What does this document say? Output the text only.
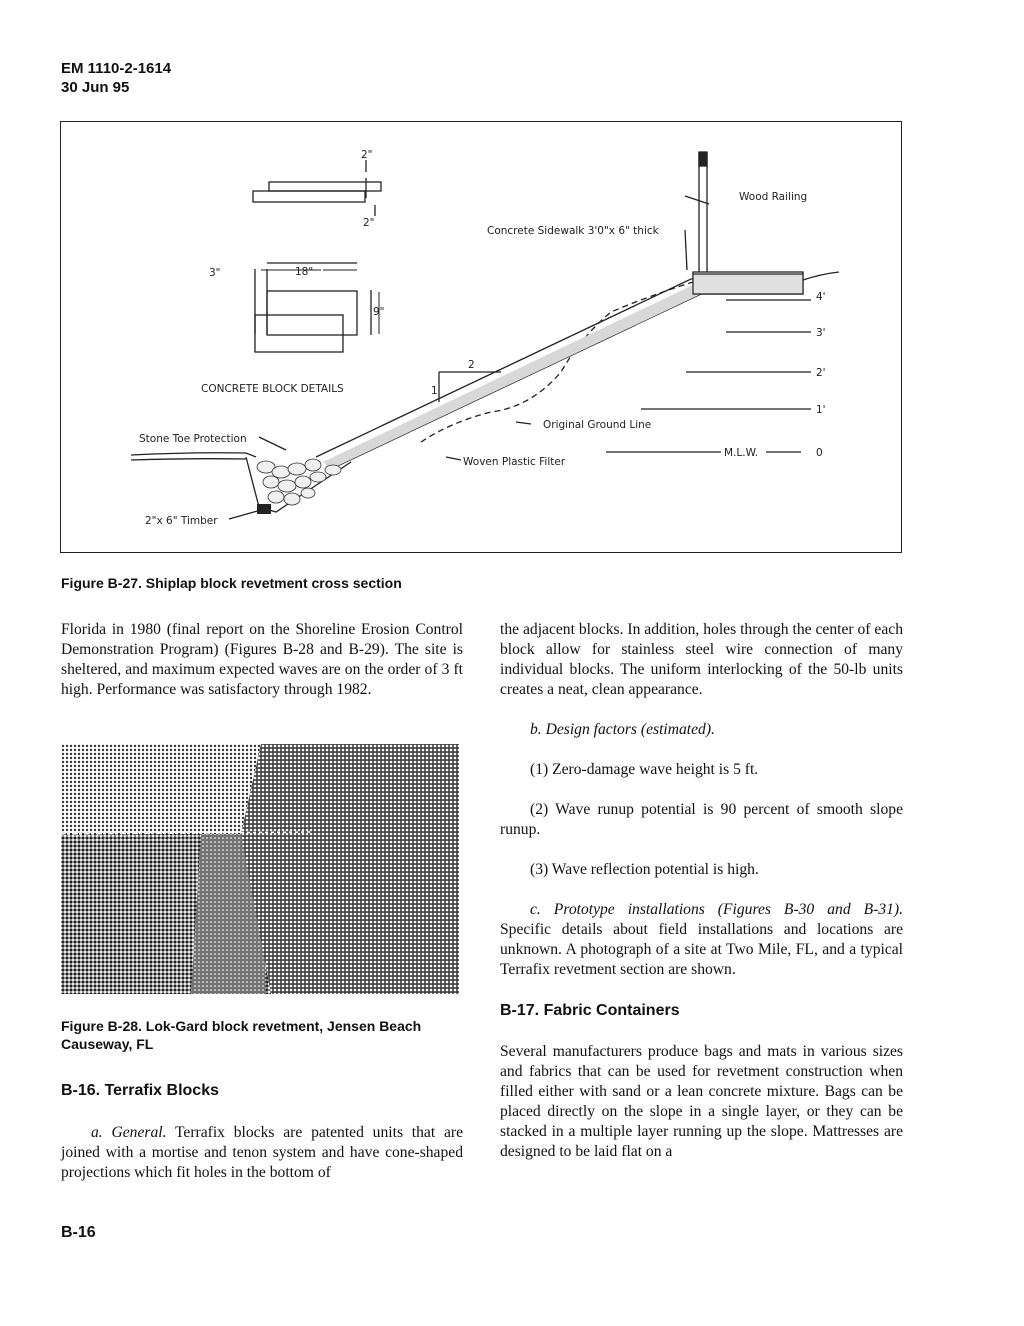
EM 1110-2-1614
30 Jun 95
2"
2"
18"
3"
9"
CONCRETE BLOCK DETAILS
Wood Railing
Concrete Sidewalk 3'0"x 6" thick
2
1
Original Ground Line
Stone Toe Protection
Woven Plastic Filter
2"x 6" Timber
M.L.W.
4'
3'
2'
1'
0
Figure B-27. Shiplap block revetment cross section

Florida in 1980 (final report on the Shoreline Erosion Control Demonstration Program) (Figures B-28 and B-29). The site is sheltered, and maximum expected waves are on the order of 3 ft high. Performance was satisfactory through 1982.

Figure B-28. Lok-Gard block revetment, Jensen Beach Causeway, FL
B-16. Terrafix Blocks

a. General. Terrafix blocks are patented units that are joined with a mortise and tenon system and have cone-shaped projections which fit holes in the bottom of

the adjacent blocks. In addition, holes through the center of each block allow for stainless steel wire connection of many individual blocks. The uniform interlocking of the 50-lb units creates a neat, clean appearance.

b. Design factors (estimated).

(1) Zero-damage wave height is 5 ft.

(2) Wave runup potential is 90 percent of smooth slope runup.

(3) Wave reflection potential is high.

c. Prototype installations (Figures B-30 and B-31). Specific details about field installations and locations are unknown. A photograph of a site at Two Mile, FL, and a typical Terrafix revetment section are shown.

B-17. Fabric Containers

Several manufacturers produce bags and mats in various sizes and fabrics that can be used for revetment construction when filled either with sand or a lean concrete mixture. Bags can be placed directly on the slope in a single layer, or they can be stacked in a multiple layer running up the slope. Mattresses are designed to be laid flat on a

B-16
